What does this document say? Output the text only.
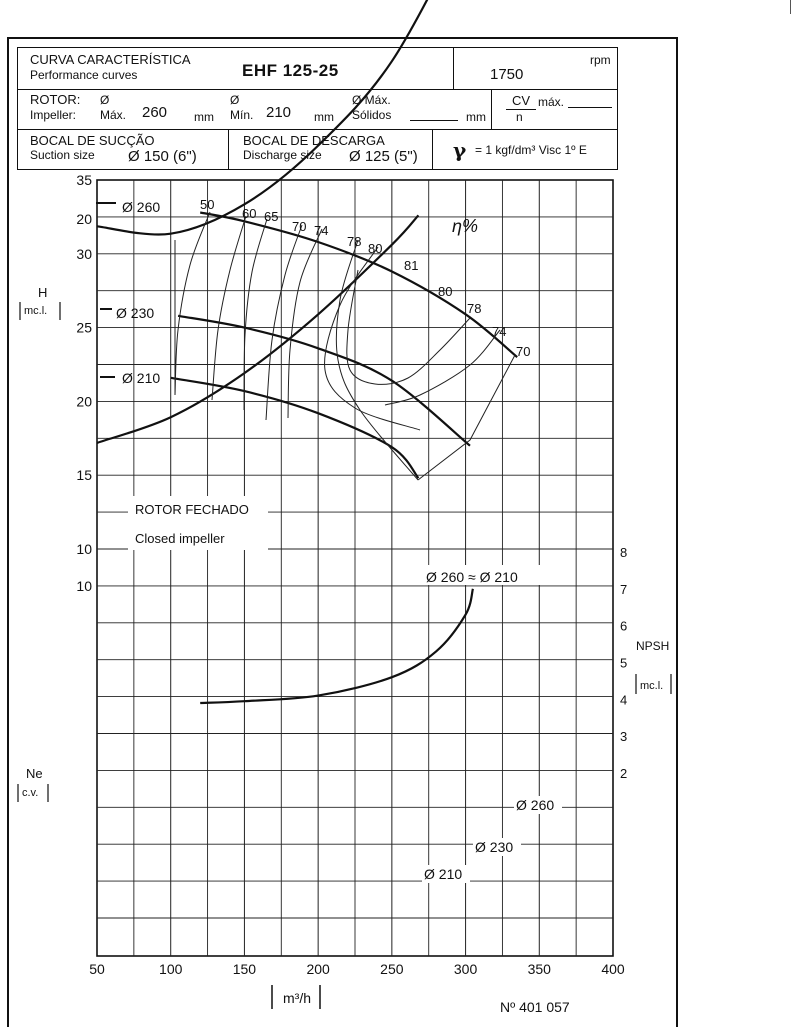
CURVA CARACTERÍSTICA
Performance curves	EHF 125-25
rpm
1750
ROTOR:
Impeller:
Ø
Máx. 260 mm
Ø
Mín. 210 mm
Ø Máx.
Sólidos	mm
CV máx.
n
BOCAL DE SUCÇÃO
Suction size Ø 150 (6")
BOCAL DE DESCARGA
Discharge size Ø 125 (5") γ = 1 kgf/dm³ Visc 1º E
50	100	150	200	250	300	350	400
10
15
20
25
30
35
2
3
4
5
6
7
8
10
20
Ø 260
Ø 230
Ø 210
Ø 260 ≈ Ø 210
Ø 260
Ø 230
Ø 210
50
60 65
70 74
78 80
81
80
78
74
70
m³/h
H
mc.l.
NPSH
mc.l.
Ne
c.v.
ROTOR FECHADO
Closed impeller
η%
Nº 401 057
